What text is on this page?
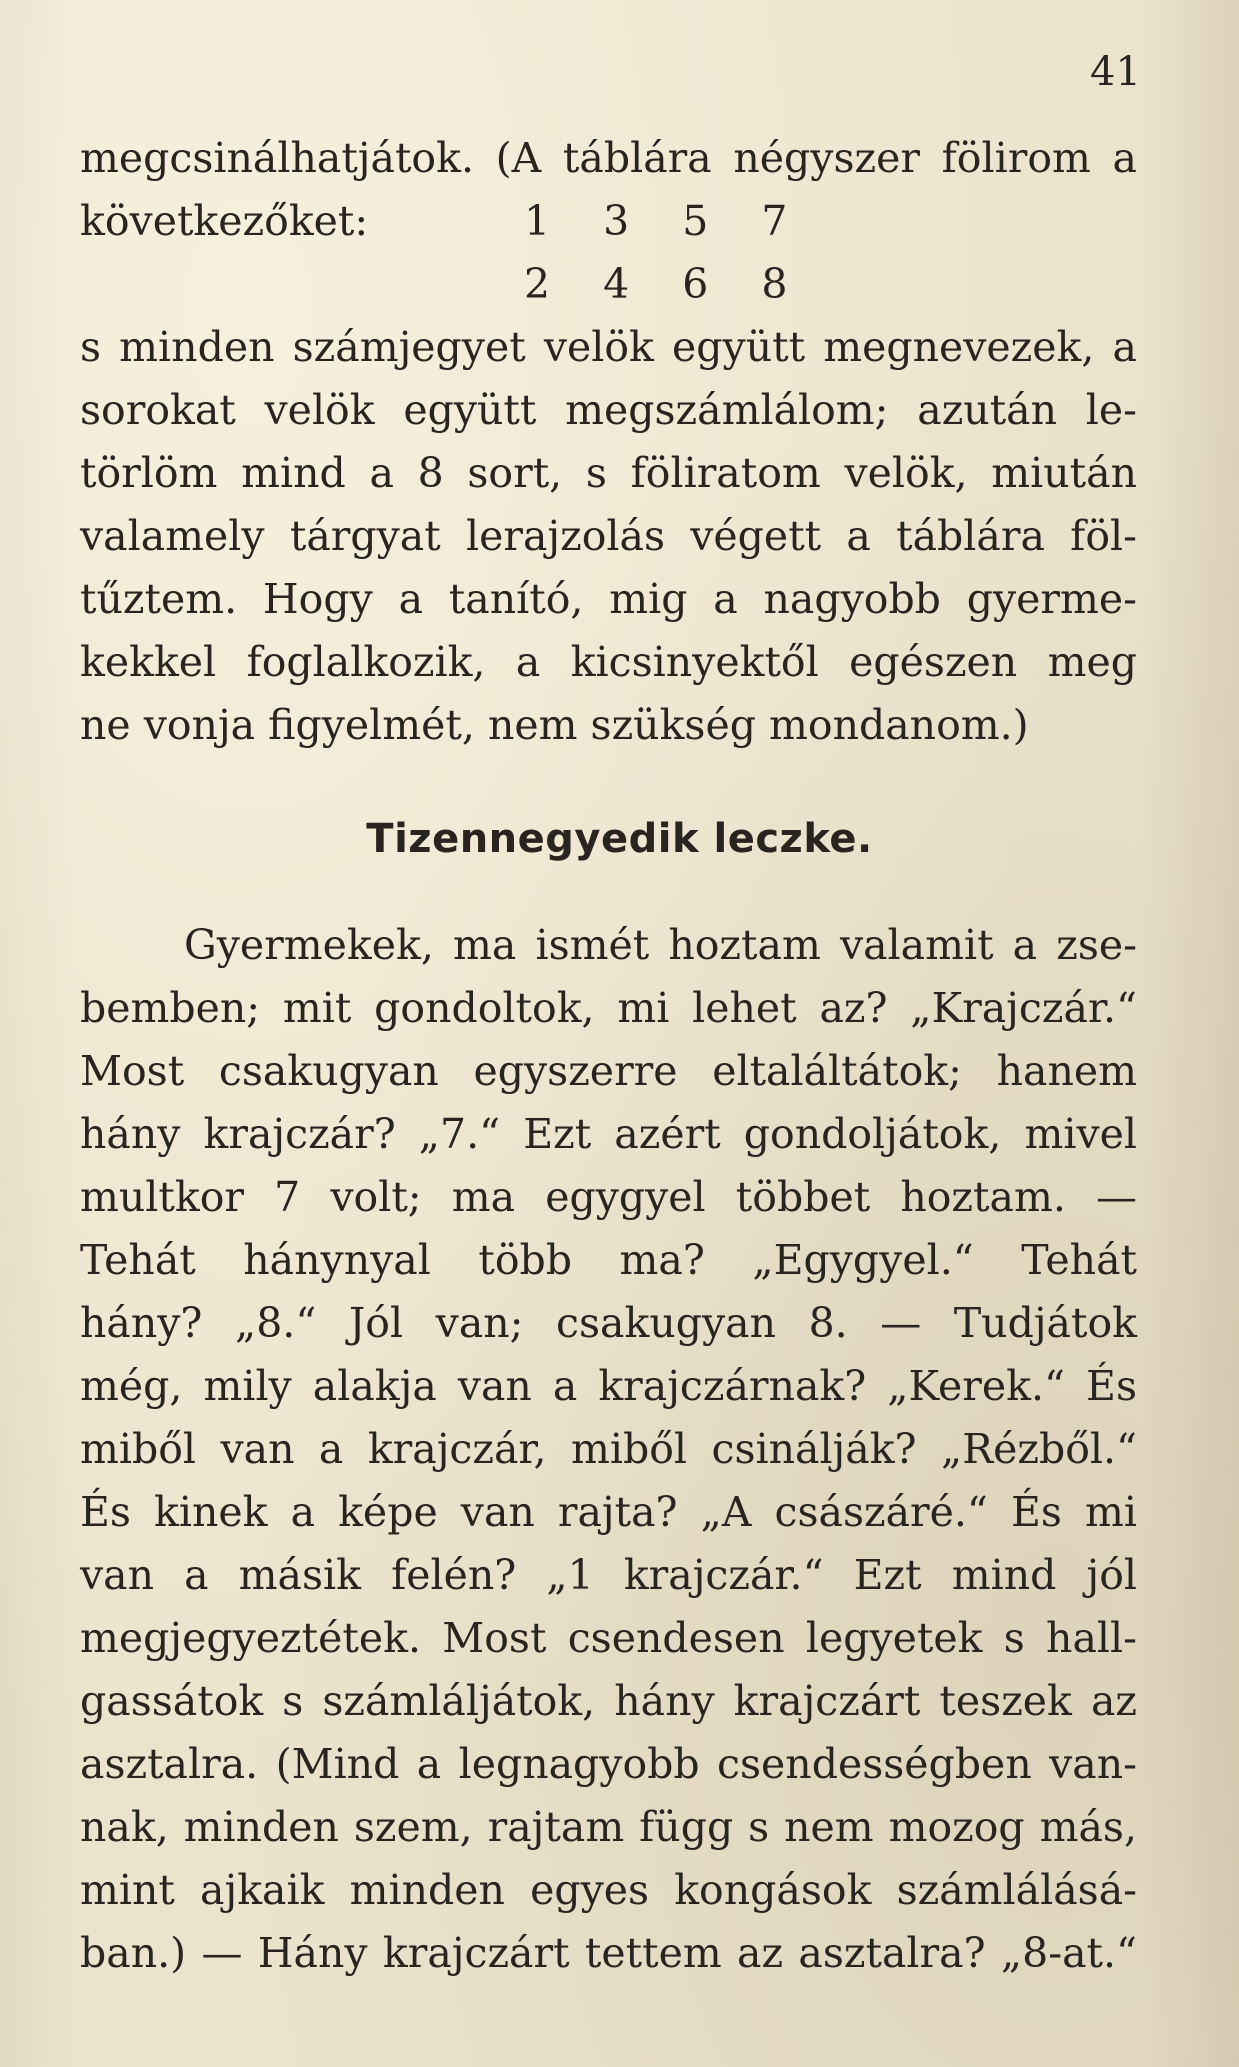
41
megcsinálhatjátok. (A táblára négyszer fölirom a
következőket:	1 3 5 7
2 4 6 8
s minden számjegyet velök együtt megnevezek, a
sorokat velök együtt megszámlálom; azután le-
törlöm mind a 8 sort, s föliratom velök, miután
valamely tárgyat lerajzolás végett a táblára föl-
tűztem. Hogy a tanító, mig a nagyobb gyerme-
kekkel foglalkozik, a kicsinyektől egészen meg
ne vonja figyelmét, nem szükség mondanom.)
Tizennegyedik leczke.
Gyermekek, ma ismét hoztam valamit a zse-
bemben; mit gondoltok, mi lehet az? „Krajczár.“
Most csakugyan egyszerre eltaláltátok; hanem
hány krajczár? „7.“ Ezt azért gondoljátok, mivel
multkor 7 volt; ma egygyel többet hoztam. —
Tehát hánynyal több ma? „Egygyel.“ Tehát
hány? „8.“ Jól van; csakugyan 8. — Tudjátok
még, mily alakja van a krajczárnak? „Kerek.“ És
miből van a krajczár, miből csinálják? „Rézből.“
És kinek a képe van rajta? „A császáré.“ És mi
van a másik felén? „1 krajczár.“ Ezt mind jól
megjegyeztétek. Most csendesen legyetek s hall-
gassátok s számláljátok, hány krajczárt teszek az
asztalra. (Mind a legnagyobb csendességben van-
nak, minden szem, rajtam függ s nem mozog más,
mint ajkaik minden egyes kongások számlálásá-
ban.) — Hány krajczárt tettem az asztalra? „8-at.“
